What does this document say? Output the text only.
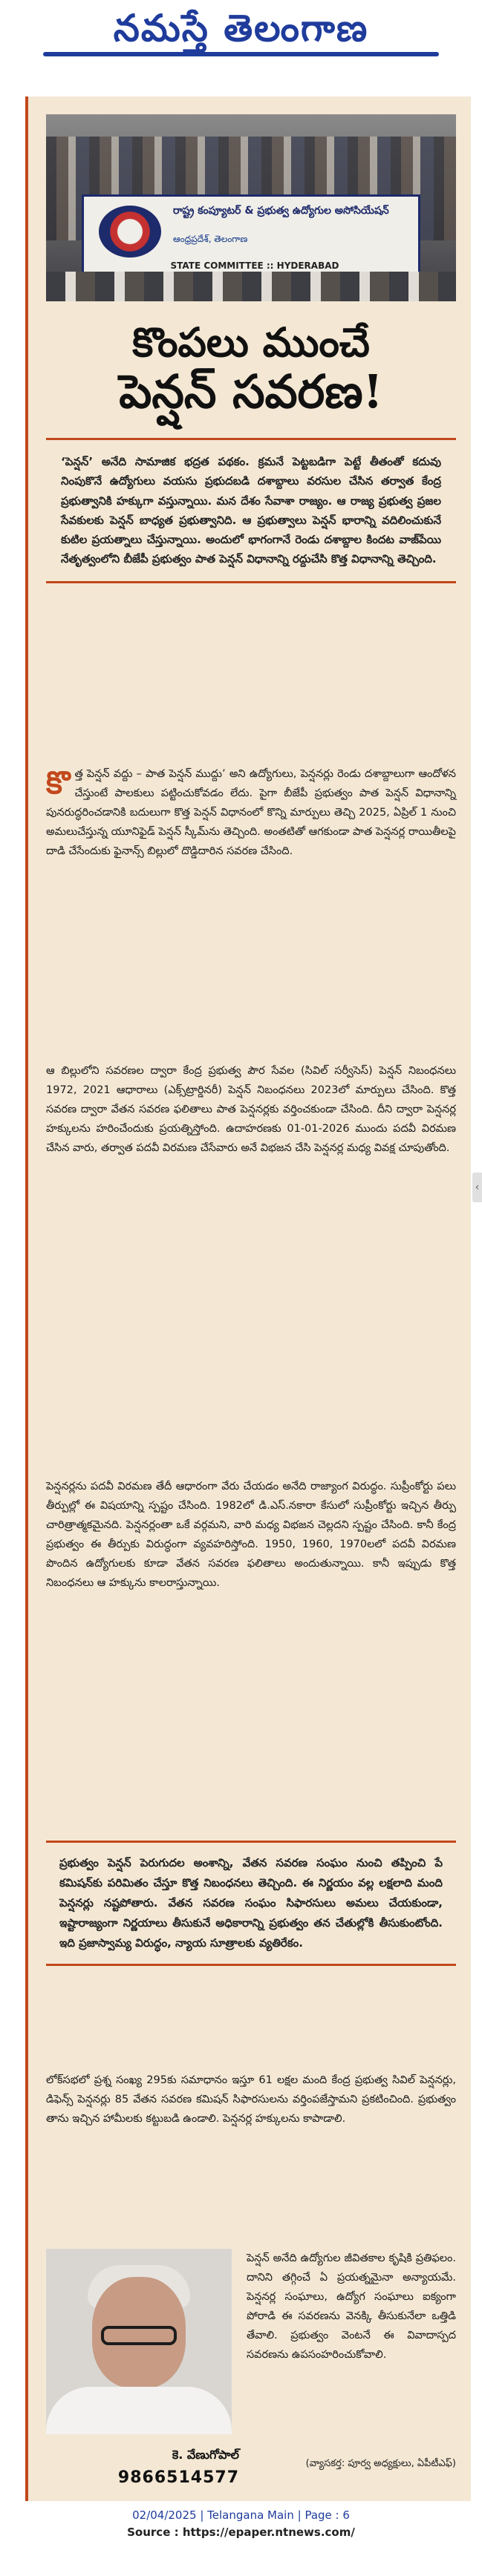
నమస్తే తెలంగాణ
రాష్ట్ర కంప్యూటర్ & ప్రభుత్వ ఉద్యోగుల అసోసియేషన్
ఆంధ్రప్రదేశ్, తెలంగాణ
STATE COMMITTEE :: HYDERABAD
కొంపలు ముంచే
పెన్షన్ సవరణ!
‘పెన్షన్’ అనేది సామాజిక భద్రత పథకం. క్రమనే పెట్టబడిగా పెట్టే తీతంతో కదువు నింపుకొనే ఉద్యోగులు వయసు ప్రభుదబడి దశాబ్దాలు వరసుల చేసిన తర్వాత కేంద్ర ప్రభుత్వానికి హక్కుగా వస్తున్నాయి. మన దేశం సేవాశా రాజ్యం. ఆ రాజ్య ప్రభుత్వ ప్రజల సేవకులకు పెన్షన్ బాధ్యత ప్రభుత్వానిది. ఆ ప్రభుత్వాలు పెన్షన్ భారాన్ని వదిలించుకునే కుటిల ప్రయత్నాలు చేస్తున్నాయి. అందులో భాగంగానే రెండు దశాబ్దాల కిందట వాజ్‌పేయి నేతృత్వంలోని బీజేపీ ప్రభుత్వం పాత పెన్షన్ విధానాన్ని రద్దుచేసి కొత్త విధానాన్ని తెచ్చింది.
కొత్త పెన్షన్ వద్దు – పాత పెన్షన్ ముద్దు’ అని ఉద్యోగులు, పెన్షనర్లు రెండు దశాబ్దాలుగా ఆందోళన చేస్తుంటే పాలకులు పట్టించుకోవడం లేదు. పైగా బీజేపీ ప్రభుత్వం పాత పెన్షన్ విధానాన్ని పునరుద్ధరించడానికి బదులుగా కొత్త పెన్షన్ విధానంలో కొన్ని మార్పులు తెచ్చి 2025, ఏప్రిల్ 1 నుంచి అమలుచేస్తున్న యూనిఫైడ్ పెన్షన్ స్కీమ్‌ను తెచ్చింది. అంతటితో ఆగకుండా పాత పెన్షనర్ల రాయితీలపై దాడి చేసేందుకు ఫైనాన్స్ బిల్లులో దొడ్డిదారిన సవరణ చేసింది.
ఆ బిల్లులోని సవరణల ద్వారా కేంద్ర ప్రభుత్వ పౌర సేవల (సివిల్ సర్వీసెస్) పెన్షన్ నిబంధనలు 1972, 2021 ఆధారాలు (ఎక్స్‌ట్రార్డినరీ) పెన్షన్ నిబంధనలు 2023లో మార్పులు చేసింది. కొత్త సవరణ ద్వారా వేతన సవరణ ఫలితాలు పాత పెన్షనర్లకు వర్తించకుండా చేసింది. దీని ద్వారా పెన్షనర్ల హక్కులను హరించేందుకు ప్రయత్నిస్తోంది. ఉదాహరణకు 01-01-2026 ముందు పదవీ విరమణ చేసిన వారు, తర్వాత పదవీ విరమణ చేసేవారు అనే విభజన చేసి పెన్షనర్ల మధ్య వివక్ష చూపుతోంది.
పెన్షనర్లను పదవీ విరమణ తేదీ ఆధారంగా వేరు చేయడం అనేది రాజ్యాంగ విరుద్ధం. సుప్రీంకోర్టు పలు తీర్పుల్లో ఈ విషయాన్ని స్పష్టం చేసింది. 1982లో డి.ఎస్.నకారా కేసులో సుప్రీంకోర్టు ఇచ్చిన తీర్పు చారిత్రాత్మకమైనది. పెన్షనర్లంతా ఒకే వర్గమని, వారి మధ్య విభజన చెల్లదని స్పష్టం చేసింది. కానీ కేంద్ర ప్రభుత్వం ఈ తీర్పుకు విరుద్ధంగా వ్యవహరిస్తోంది. 1950, 1960, 1970లలో పదవీ విరమణ పొందిన ఉద్యోగులకు కూడా వేతన సవరణ ఫలితాలు అందుతున్నాయి. కానీ ఇప్పుడు కొత్త నిబంధనలు ఆ హక్కును కాలరాస్తున్నాయి.
ప్రభుత్వం పెన్షన్ పెరుగుదల అంశాన్ని, వేతన సవరణ సంఘం నుంచి తప్పించి పే కమిషన్‌కు పరిమితం చేస్తూ కొత్త నిబంధనలు తెచ్చింది. ఈ నిర్ణయం వల్ల లక్షలాది మంది పెన్షనర్లు నష్టపోతారు. వేతన సవరణ సంఘం సిఫారసులు అమలు చేయకుండా, ఇష్టారాజ్యంగా నిర్ణయాలు తీసుకునే అధికారాన్ని ప్రభుత్వం తన చేతుల్లోకి తీసుకుంటోంది. ఇది ప్రజాస్వామ్య విరుద్ధం, న్యాయ సూత్రాలకు వ్యతిరేకం.
లోక్‌సభలో ప్రశ్న సంఖ్య 295కు సమాధానం ఇస్తూ 61 లక్షల మంది కేంద్ర ప్రభుత్వ సివిల్ పెన్షనర్లు, డిఫెన్స్ పెన్షనర్లు 85 వేతన సవరణ కమిషన్ సిఫారసులను వర్తింపజేస్తామని ప్రకటించింది. ప్రభుత్వం తాను ఇచ్చిన హామీలకు కట్టుబడి ఉండాలి. పెన్షనర్ల హక్కులను కాపాడాలి.
పెన్షన్ అనేది ఉద్యోగుల జీవితకాల కృషికి ప్రతిఫలం. దానిని తగ్గించే ఏ ప్రయత్నమైనా అన్యాయమే. పెన్షనర్ల సంఘాలు, ఉద్యోగ సంఘాలు ఐక్యంగా పోరాడి ఈ సవరణను వెనక్కి తీసుకునేలా ఒత్తిడి తేవాలి. ప్రభుత్వం వెంటనే ఈ వివాదాస్పద సవరణను ఉపసంహరించుకోవాలి.
కె. వేణుగోపాల్
9866514577
(వ్యాసకర్త: పూర్వ అధ్యక్షులు, ఏపీటీఎఫ్)
‹
02/04/2025 | Telangana Main | Page : 6
Source : https://epaper.ntnews.com/
